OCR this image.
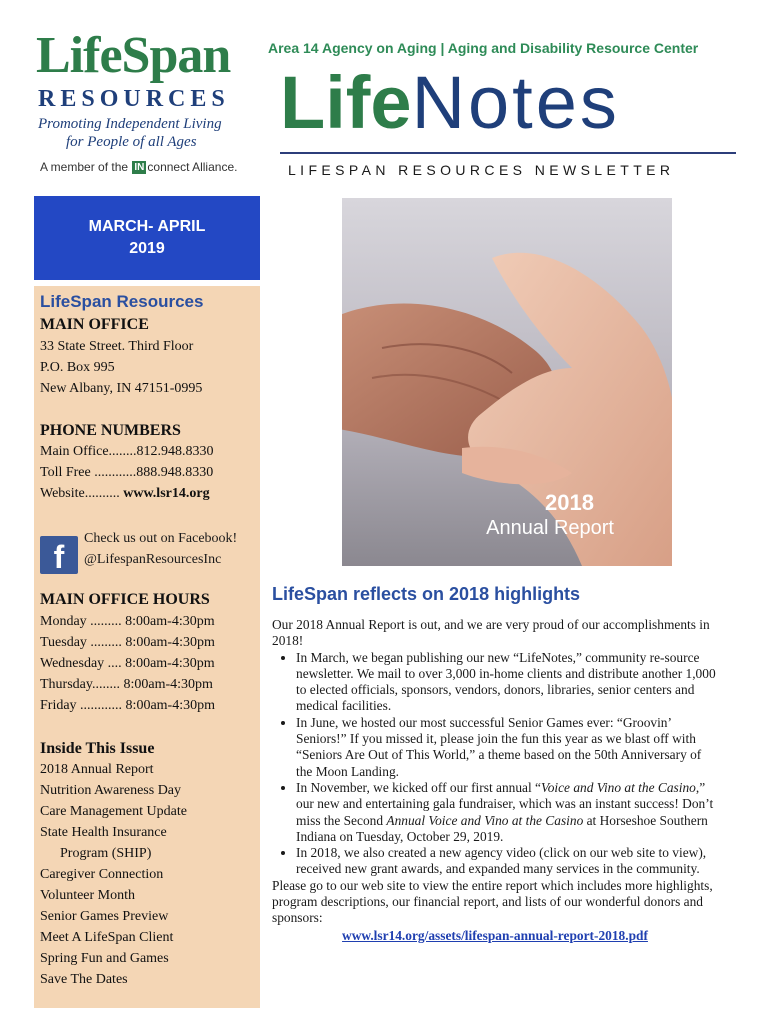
LifeSpan
RESOURCES
Promoting Independent Living
for People of all Ages
A member of the IN connect Alliance.
Area 14 Agency on Aging | Aging and Disability Resource Center
LifeNotes
LIFESPAN RESOURCES NEWSLETTER
MARCH- APRIL
2019
LifeSpan Resources
MAIN OFFICE
33 State Street. Third Floor
P.O. Box 995
New Albany, IN 47151-0995
PHONE NUMBERS
Main Office........812.948.8330
Toll Free ............888.948.8330
Website.......... www.lsr14.org
f
Check us out on Facebook!
@LifespanResourcesInc
MAIN OFFICE HOURS
Monday ......... 8:00am-4:30pm
Tuesday ......... 8:00am-4:30pm
Wednesday .... 8:00am-4:30pm
Thursday........ 8:00am-4:30pm
Friday ............ 8:00am-4:30pm
Inside This Issue
2018 Annual Report
Nutrition Awareness Day
Care Management Update
State Health Insurance
Program (SHIP)
Caregiver Connection
Volunteer Month
Senior Games Preview
Meet A LifeSpan Client
Spring Fun and Games
Save The Dates
2018
Annual Report
LifeSpan reflects on 2018 highlights

Our 2018 Annual Report is out, and we are very proud of our accomplishments in 2018!

• In March, we began publishing our new “LifeNotes,” community re-source newsletter. We mail to over 3,000 in-home clients and distribute another 1,000 to elected officials, sponsors, vendors, donors, libraries, senior centers and medical facilities.
• In June, we hosted our most successful Senior Games ever: “Groovin’ Seniors!” If you missed it, please join the fun this year as we blast off with “Seniors Are Out of This World,” a theme based on the 50th Anniversary of the Moon Landing.
• In November, we kicked off our first annual “Voice and Vino at the Casino,” our new and entertaining gala fundraiser, which was an instant success! Don’t miss the Second Annual Voice and Vino at the Casino at Horseshoe Southern Indiana on Tuesday, October 29, 2019.
• In 2018, we also created a new agency video (click on our web site to view), received new grant awards, and expanded many services in the community.

Please go to our web site to view the entire report which includes more highlights, program descriptions, our financial report, and lists of our wonderful donors and sponsors:

www.lsr14.org/assets/lifespan-annual-report-2018.pdf
